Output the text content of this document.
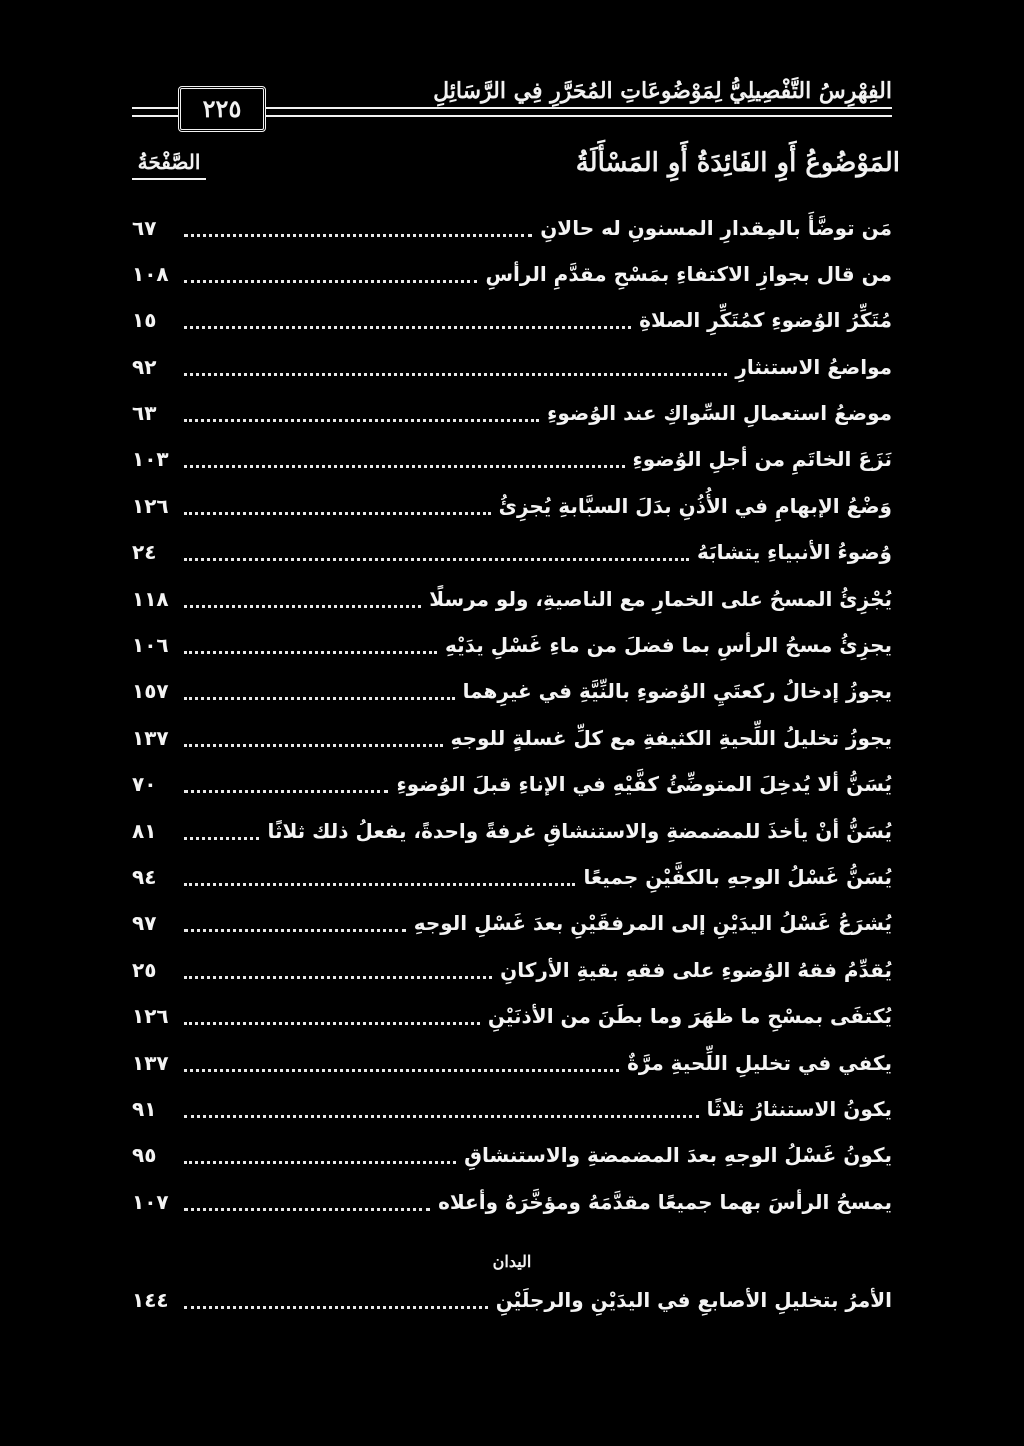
الفِهْرِسُ التَّفْصِيلِيُّ لِمَوْضُوعَاتِ المُحَرَّرِ فِي الرَّسَائِلِ
٢٢٥
المَوْضُوعُ أَوِ الفَائِدَةُ أَوِ المَسْأَلَةُ
الصَّفْحَةُ
مَن توضَّأَ بالمِقدارِ المسنونِ له حالانِ
٦٧
من قال بجوازِ الاكتفاءِ بمَسْحِ مقدَّمِ الرأسِ
١٠٨
مُتَكِّرُ الوُضوءِ كمُتَكِّرِ الصلاةِ
١٥
مواضعُ الاستنثارِ
٩٢
موضعُ استعمالِ السِّواكِ عند الوُضوءِ
٦٣
نَزَعَ الخاتَمِ من أجلِ الوُضوءِ
١٠٣
وَضْعُ الإبهامِ في الأُذُنِ بدَلَ السبَّابةِ يُجزِئُ
١٢٦
وُضوءُ الأنبياءِ يتشابَهُ
٢٤
يُجْزِئُ المسحُ على الخمارِ مع الناصيةِ، ولو مرسلًا
١١٨
يجزِئُ مسحُ الرأسِ بما فضلَ من ماءِ غَسْلِ يدَيْهِ
١٠٦
يجوزُ إدخالُ ركعتَيِ الوُضوءِ بالنِّيَّةِ في غيرِهما
١٥٧
يجوزُ تخليلُ اللِّحيةِ الكثيفةِ مع كلِّ غسلةٍ للوجهِ
١٣٧
يُسَنُّ ألا يُدخِلَ المتوضِّئُ كفَّيْهِ في الإناءِ قبلَ الوُضوءِ
٧٠
يُسَنُّ أنْ يأخذَ للمضمضةِ والاستنشاقِ غرفةً واحدةً، يفعلُ ذلك ثلاثًا
٨١
يُسَنُّ غَسْلُ الوجهِ بالكفَّيْنِ جميعًا
٩٤
يُشرَعُ غَسْلُ اليدَيْنِ إلى المرفقَيْنِ بعدَ غَسْلِ الوجهِ
٩٧
يُقدِّمُ فقهُ الوُضوءِ على فقهِ بقيةِ الأركانِ
٢٥
يُكتفَى بمسْحِ ما ظهَرَ وما بطَنَ من الأذنَيْنِ
١٢٦
يكفي في تخليلِ اللِّحيةِ مرَّةٌ
١٣٧
يكونُ الاستنثارُ ثلاثًا
٩١
يكونُ غَسْلُ الوجهِ بعدَ المضمضةِ والاستنشاقِ
٩٥
يمسحُ الرأسَ بهما جميعًا مقدَّمَهُ ومؤخَّرَهُ وأعلاه
١٠٧
اليدان
الأمرُ بتخليلِ الأصابعِ في اليدَيْنِ والرجلَيْنِ
١٤٤
